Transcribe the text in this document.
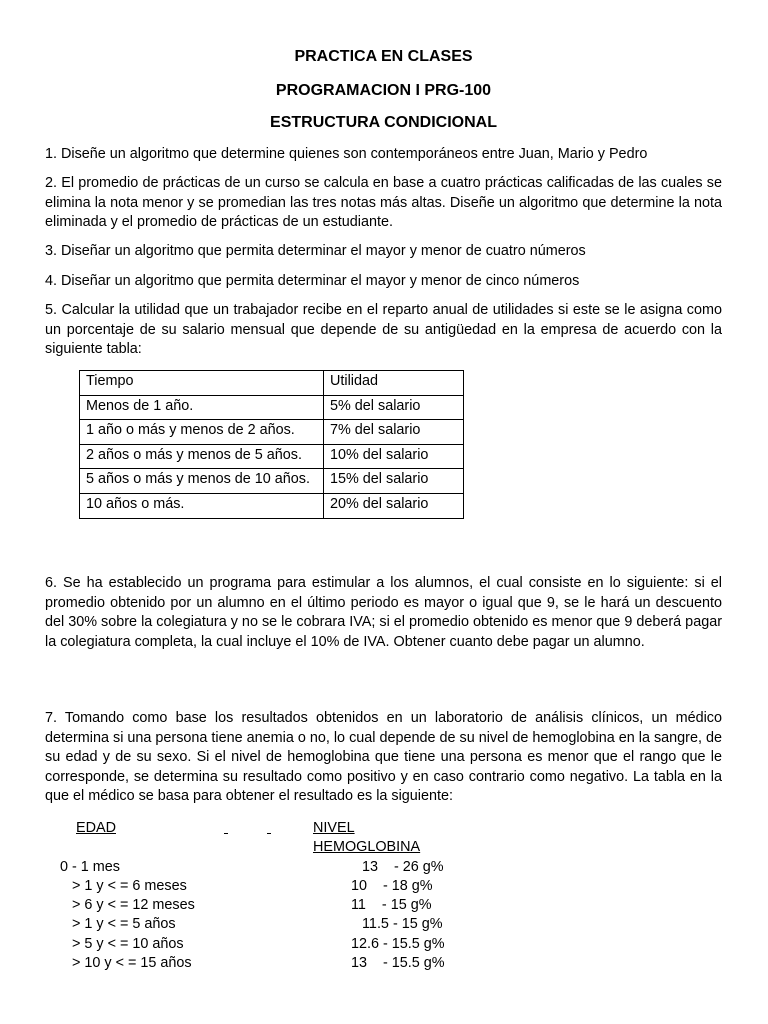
PRACTICA EN CLASES
PROGRAMACION I PRG-100
ESTRUCTURA CONDICIONAL
1. Diseñe un algoritmo que determine quienes son contemporáneos entre Juan, Mario y Pedro
2. El promedio de prácticas de un curso se calcula en base a cuatro prácticas calificadas de las cuales se elimina la nota menor y se promedian las tres notas más altas. Diseñe un algoritmo que determine la nota eliminada y el promedio de prácticas de un estudiante.
3. Diseñar un algoritmo que permita determinar el mayor y menor de cuatro números
4. Diseñar un algoritmo que permita determinar el mayor y menor de cinco números
5. Calcular la utilidad que un trabajador recibe en el reparto anual de utilidades si este se le asigna como un porcentaje de su salario mensual que depende de su antigüedad en la empresa de acuerdo con la siguiente tabla:
Tiempo	Utilidad
Menos de 1 año.	5% del salario
1 año o más y menos de 2 años.	7% del salario
2 años o más y menos de 5 años.	10% del salario
5 años o más y menos de 10 años.	15% del salario
10 años o más.	20% del salario
6. Se ha establecido un programa para estimular a los alumnos, el cual consiste en lo siguiente: si el promedio obtenido por un alumno en el último periodo es mayor o igual que 9, se le hará un descuento del 30% sobre la colegiatura y no se le cobrara IVA; si el promedio obtenido es menor que 9 deberá pagar la colegiatura completa, la cual incluye el 10% de IVA. Obtener cuanto debe pagar un alumno.
7. Tomando como base los resultados obtenidos en un laboratorio de análisis clínicos, un médico determina si una persona tiene anemia o no, lo cual depende de su nivel de hemoglobina en la sangre, de su edad y de su sexo. Si el nivel de hemoglobina que tiene una persona es menor que el rango que le corresponde, se determina su resultado como positivo y en caso contrario como negativo. La tabla en la que el médico se basa para obtener el resultado es la siguiente:
EDAD

	NIVEL
HEMOGLOBINA
0 - 1 mes	13    - 26 g%
> 1 y < = 6 meses	10    - 18 g%
> 6 y < = 12 meses	11    - 15 g%
> 1 y < = 5 años	11.5 - 15 g%
> 5 y < = 10 años	12.6 - 15.5 g%
> 10 y < = 15 años	13    - 15.5 g%
